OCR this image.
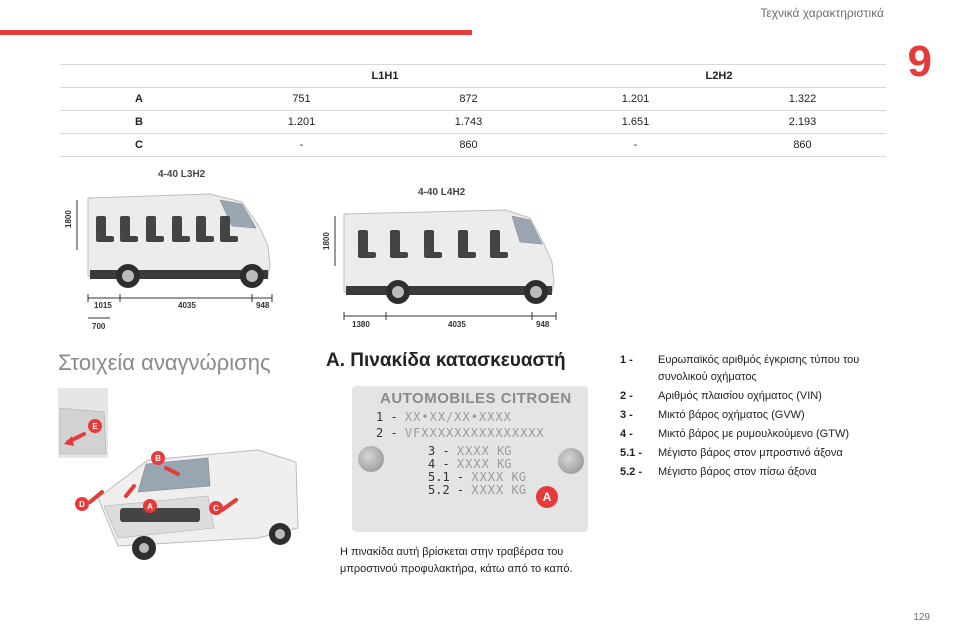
Τεχνικά χαρακτηριστικά
9
	L1H1		L2H2	
A	751	872	1.201	1.322
B	1.201	1.743	1.651	2.193
C	-	860	-	860
4-40 L3H2
1800
1015	4035	948
700
4-40 L4H2
1800
1380	4035	948
Στοιχεία αναγνώρισης
E
B
A	C
D
A. Πινακίδα κατασκευαστή
AUTOMOBILES CITROEN
1 - XX•XX/XX•XXXX
2 - VFXXXXXXXXXXXXXXX
3 - XXXX KG
4 - XXXX KG
5.1 - XXXX KG
5.2 - XXXX KG	A
Η πινακίδα αυτή βρίσκεται στην τραβέρσα του μπροστινού προφυλακτήρα, κάτω από το καπό.
1 -	Ευρωπαϊκός αριθμός έγκρισης τύπου του συνολικού οχήματος
2 -	Αριθμός πλαισίου οχήματος (VIN)
3 -	Μικτό βάρος οχήματος (GVW)
4 -	Μικτό βάρος με ρυμουλκούμενο (GTW)
5.1 -	Μέγιστο βάρος στον μπροστινό άξονα
5.2 -	Μέγιστο βάρος στον πίσω άξονα
129
